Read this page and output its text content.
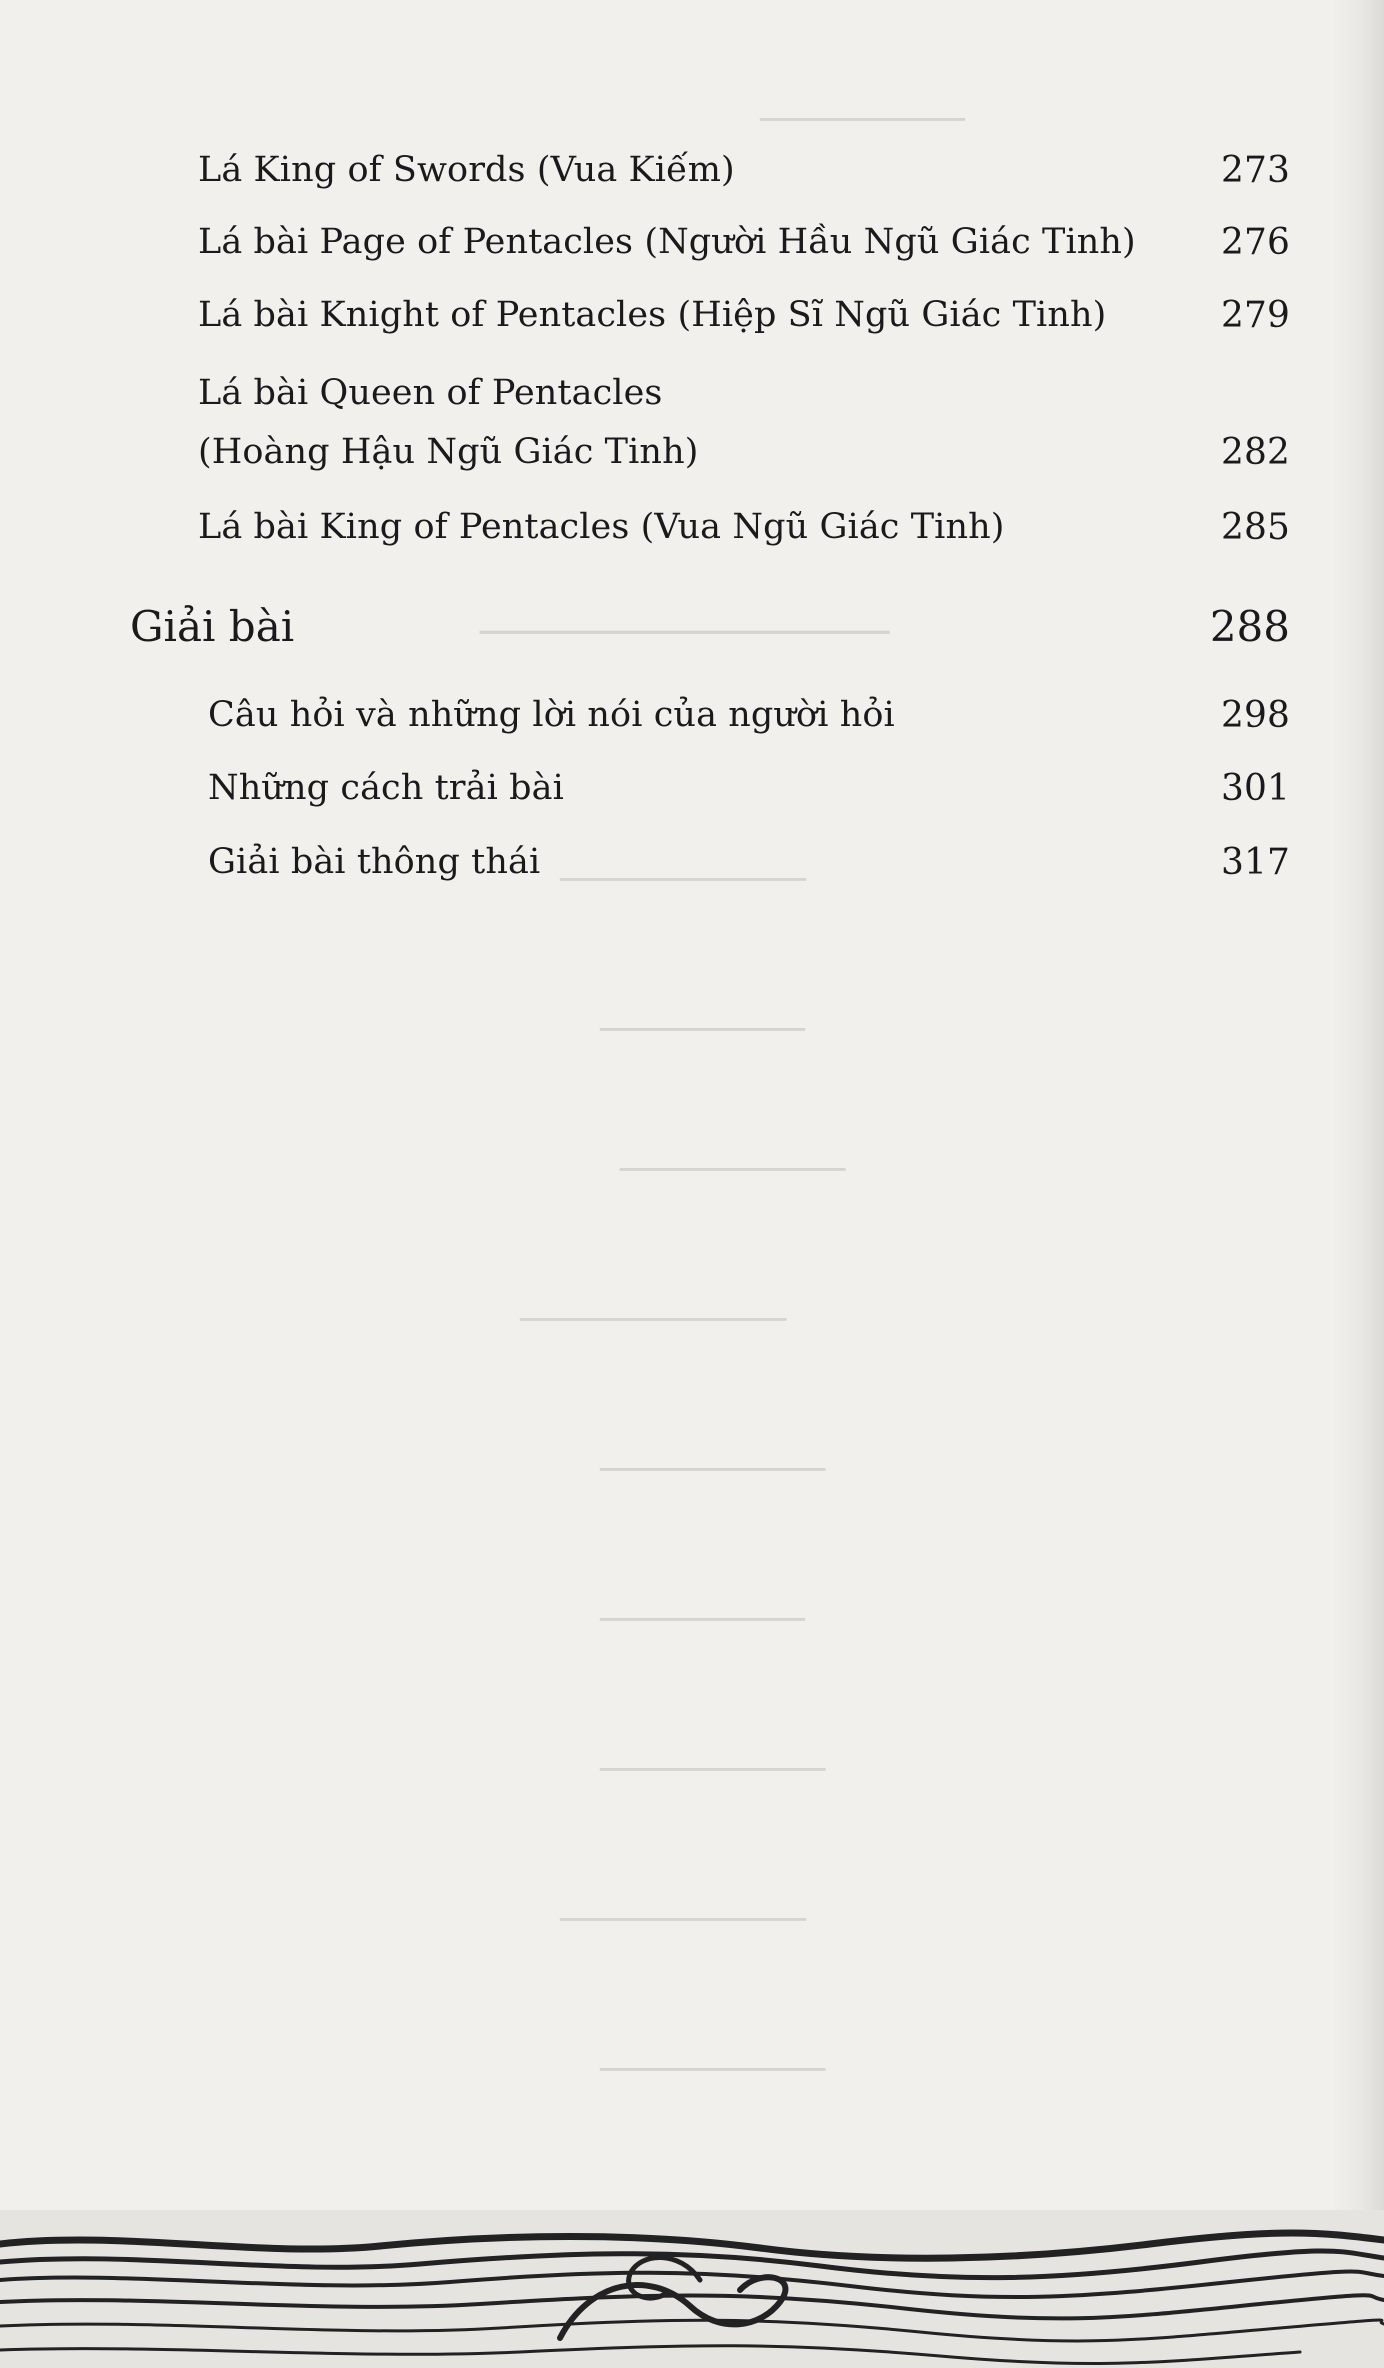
──────────
─────────────────
────────────
──────────
───────────
─────────────
───────────
──────────
───────────
────────────
───────────
Lá King of Swords (Vua Kiếm)	273
Lá bài Page of Pentacles (Người Hầu Ngũ Giác Tinh) 276
Lá bài Knight of Pentacles (Hiệp Sĩ Ngũ Giác Tinh)	279
Lá bài Queen of Pentacles
(Hoàng Hậu Ngũ Giác Tinh)	282
Lá bài King of Pentacles (Vua Ngũ Giác Tinh)	285
Giải bài	288
Câu hỏi và những lời nói của người hỏi	298
Những cách trải bài	301
Giải bài thông thái	317
